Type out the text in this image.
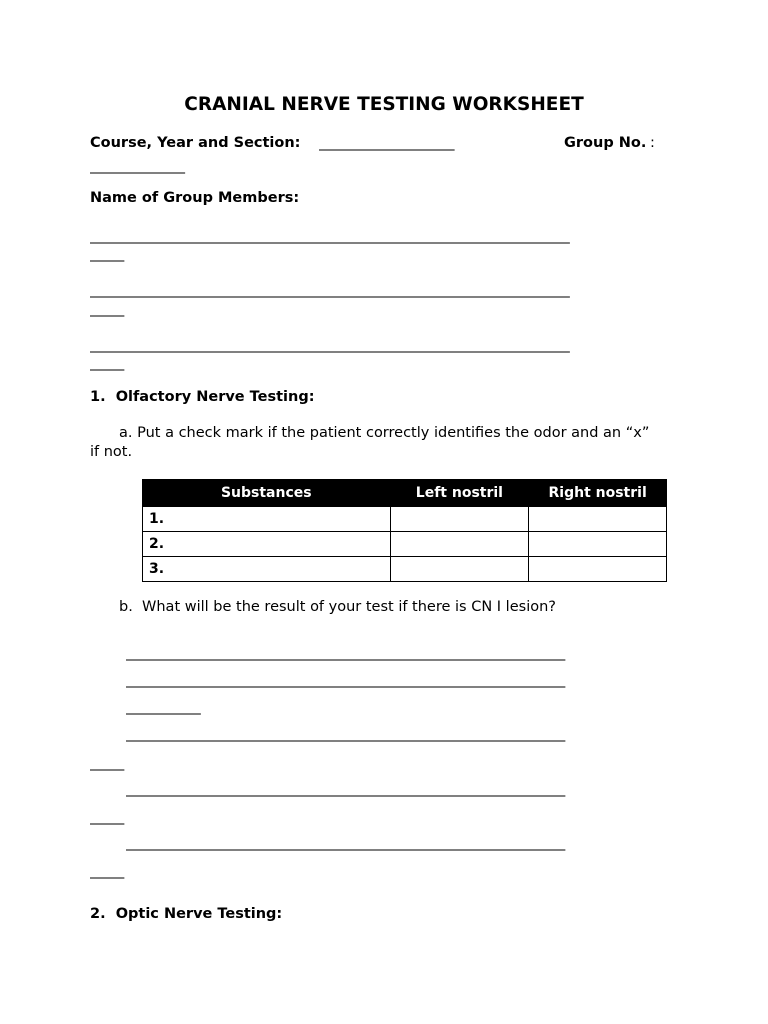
CRANIAL NERVE TESTING WORKSHEET
Course, Year and Section: ____________________	Group No. :
______________
Name of Group Members:
_______________________________________________________________________
_____
_______________________________________________________________________
_____
_______________________________________________________________________
_____
1.  Olfactory Nerve Testing:
a. Put a check mark if the patient correctly identifies the odor and an “x”
if not.
Substances	Left nostril	Right nostril
1.		
2.		
3.		
b.  What will be the result of your test if there is CN I lesion?
_________________________________________________________________
_________________________________________________________________
___________
_________________________________________________________________
_____
_________________________________________________________________
_____
_________________________________________________________________
_____
2.  Optic Nerve Testing:
